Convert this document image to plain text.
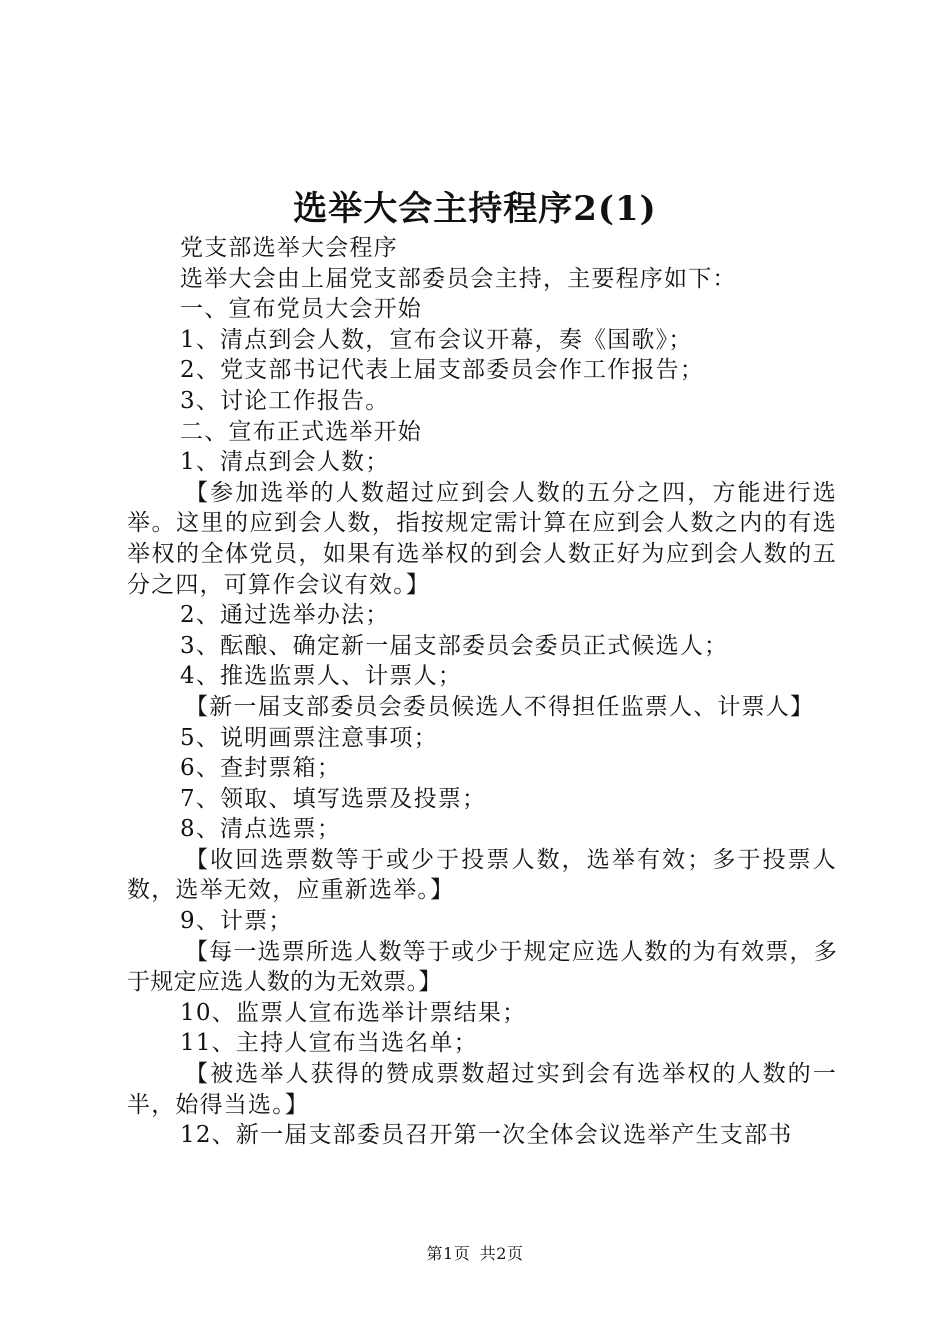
选举大会主持程序2(1)

党支部选举大会程序

选举大会由上届党支部委员会主持，主要程序如下：

一、宣布党员大会开始

1、清点到会人数，宣布会议开幕，奏《国歌》；

2、党支部书记代表上届支部委员会作工作报告；

3、讨论工作报告。

二、宣布正式选举开始

1、清点到会人数；

【参加选举的人数超过应到会人数的五分之四，方能进行选举。这里的应到会人数，指按规定需计算在应到会人数之内的有选举权的全体党员，如果有选举权的到会人数正好为应到会人数的五分之四，可算作会议有效。】

2、通过选举办法；

3、酝酿、确定新一届支部委员会委员正式候选人；

4、推选监票人、计票人；

【新一届支部委员会委员候选人不得担任监票人、计票人】

5、说明画票注意事项；

6、查封票箱；

7、领取、填写选票及投票；

8、清点选票；

【收回选票数等于或少于投票人数，选举有效；多于投票人数，选举无效，应重新选举。】

9、计票；

【每一选票所选人数等于或少于规定应选人数的为有效票，多于规定应选人数的为无效票。】

10、监票人宣布选举计票结果；

11、主持人宣布当选名单；

【被选举人获得的赞成票数超过实到会有选举权的人数的一半，始得当选。】

12、新一届支部委员召开第一次全体会议选举产生支部书

第1页 共2页
